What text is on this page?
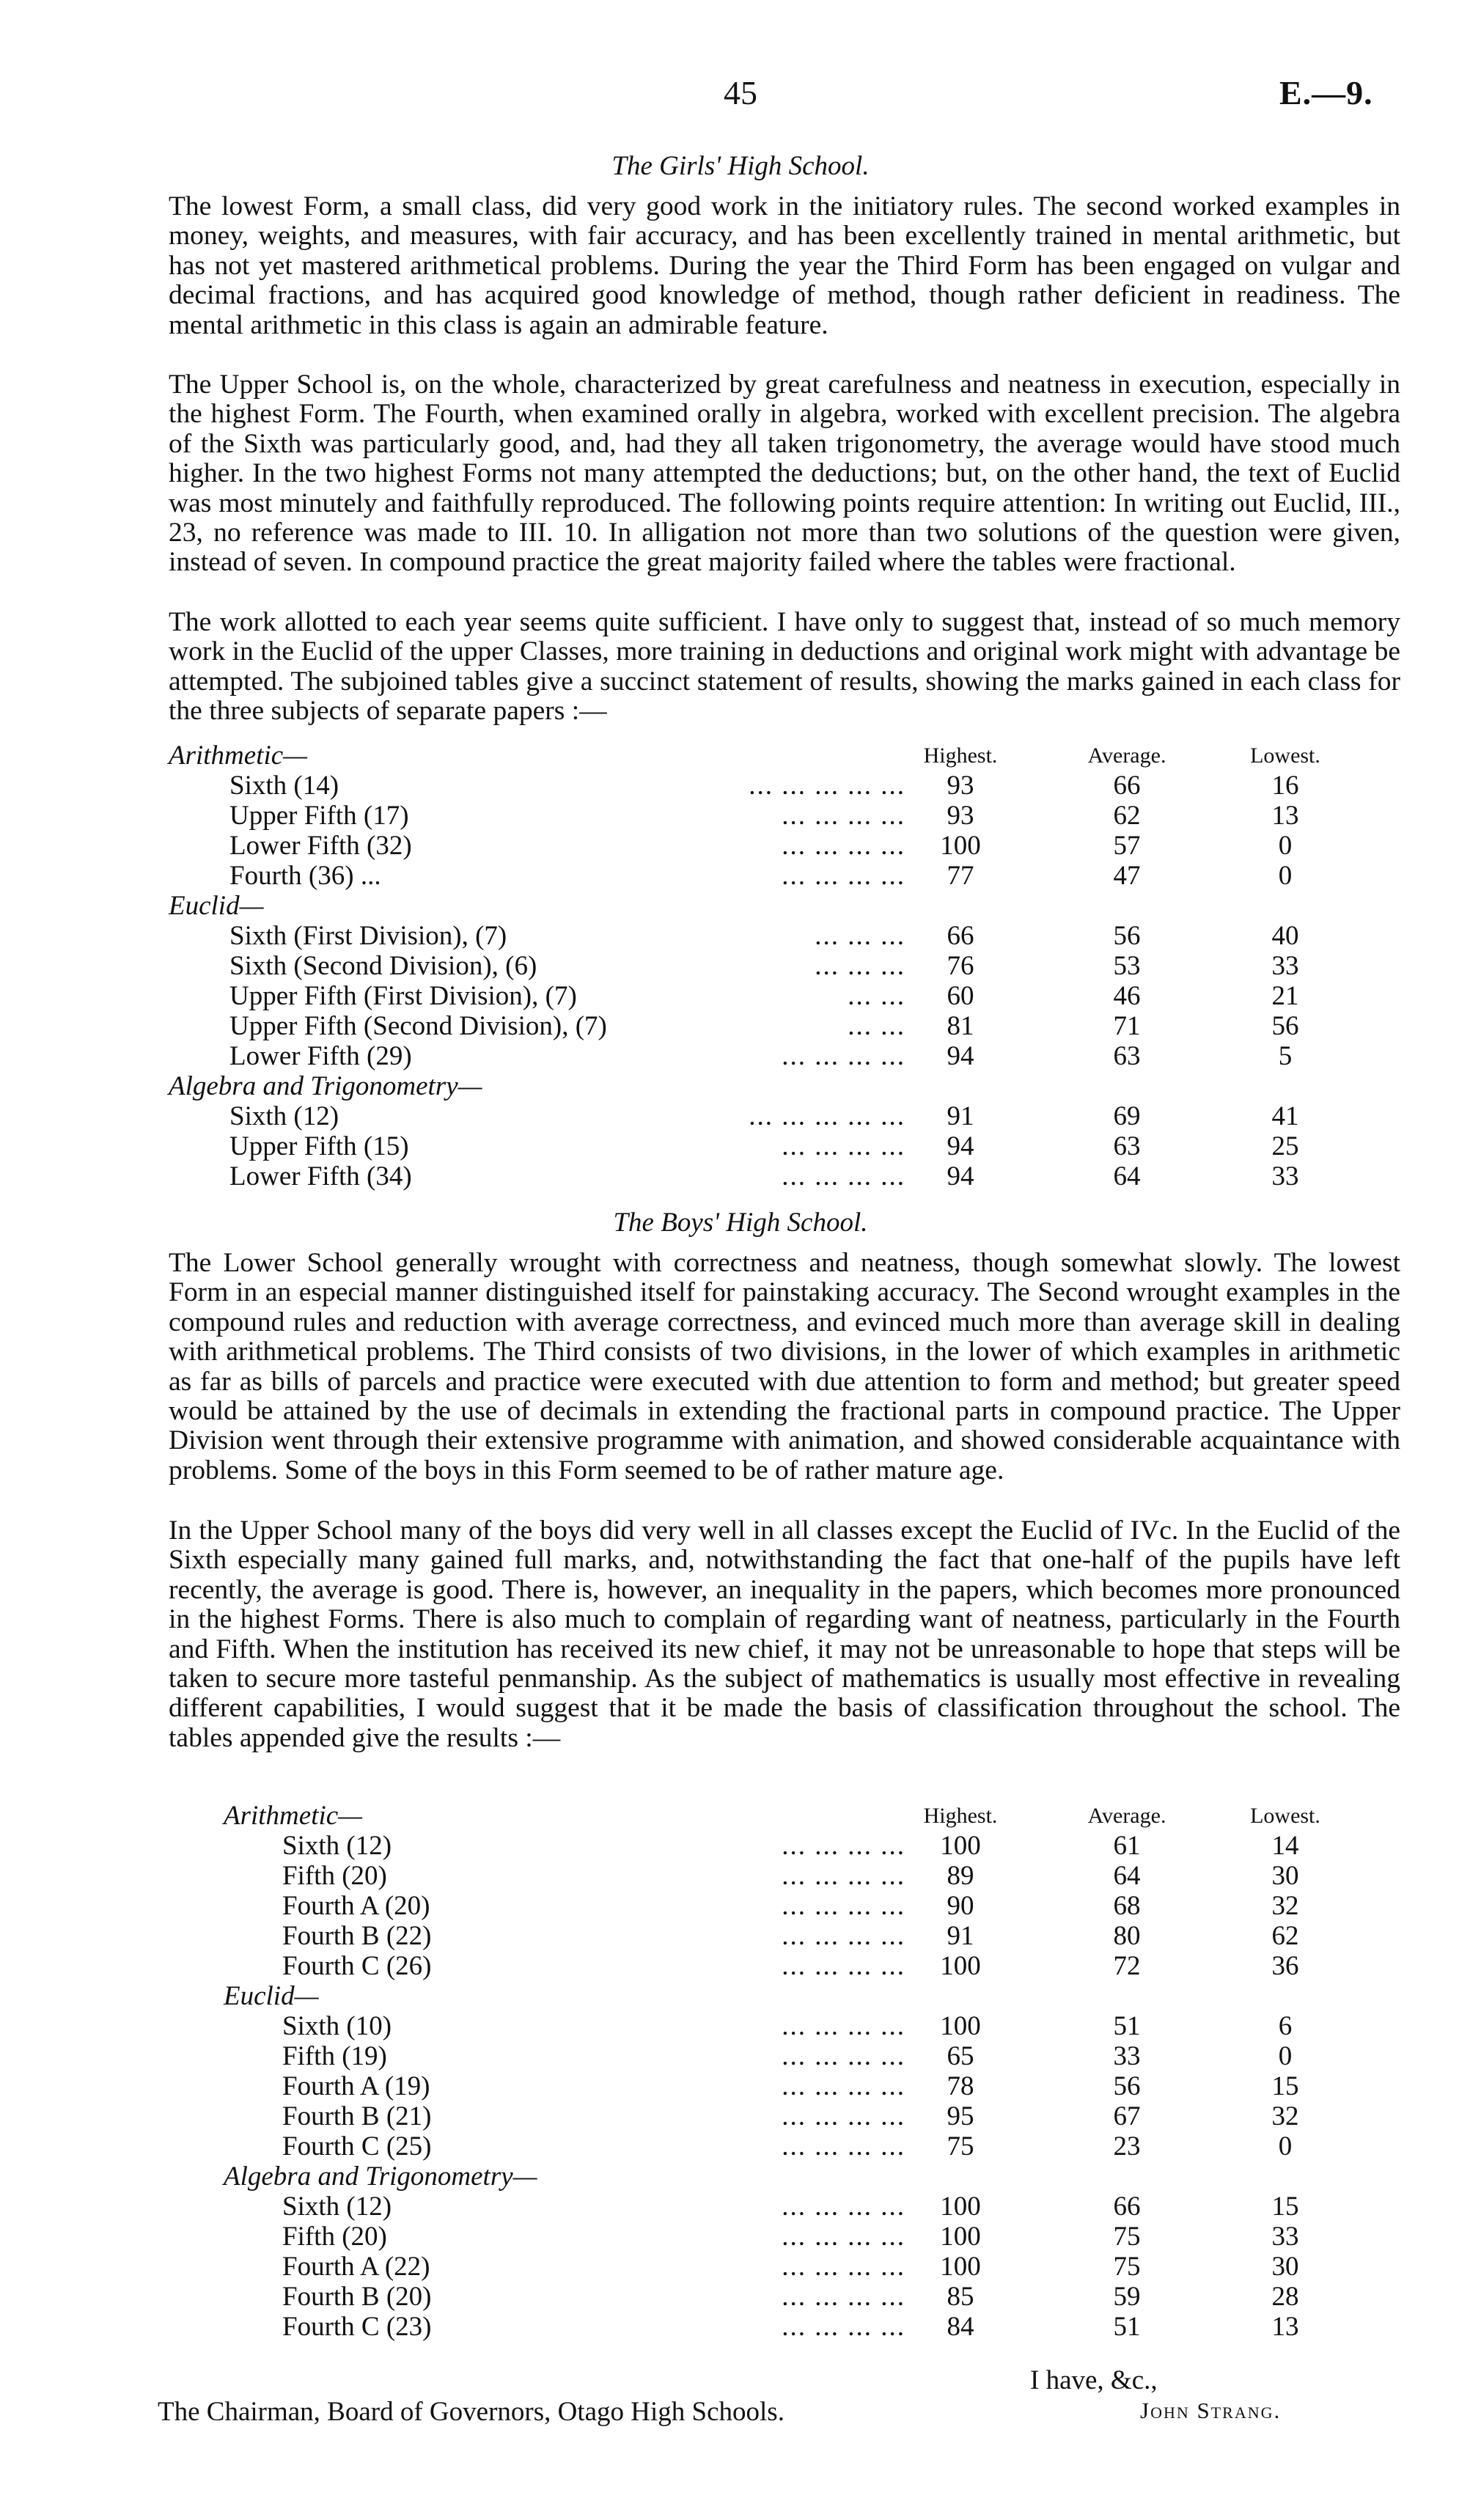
45	E.—9.
The Girls' High School.

The lowest Form, a small class, did very good work in the initiatory rules. The second worked examples in money, weights, and measures, with fair accuracy, and has been excellently trained in mental arithmetic, but has not yet mastered arithmetical problems. During the year the Third Form has been engaged on vulgar and decimal fractions, and has acquired good knowledge of method, though rather deficient in readiness. The mental arithmetic in this class is again an admirable feature.

The Upper School is, on the whole, characterized by great carefulness and neatness in execution, especially in the highest Form. The Fourth, when examined orally in algebra, worked with excellent precision. The algebra of the Sixth was particularly good, and, had they all taken trigonometry, the average would have stood much higher. In the two highest Forms not many attempted the deductions; but, on the other hand, the text of Euclid was most minutely and faithfully reproduced. The following points require attention: In writing out Euclid, III., 23, no reference was made to III. 10. In alligation not more than two solutions of the question were given, instead of seven. In compound practice the great majority failed where the tables were fractional.

The work allotted to each year seems quite sufficient. I have only to suggest that, instead of so much memory work in the Euclid of the upper Classes, more training in deductions and original work might with advantage be attempted. The subjoined tables give a succinct statement of results, showing the marks gained in each class for the three subjects of separate papers :—

Arithmetic—	Highest.	Average.	Lowest.
Sixth (14)	... ... ... ... ...	93	66	16
Upper Fifth (17)	... ... ... ...	93	62	13
Lower Fifth (32)	... ... ... ...	100	57	0
Fourth (36) ...	... ... ... ...	77	47	0
Euclid—
Sixth (First Division), (7)	... ... ...	66	56	40
Sixth (Second Division), (6)	... ... ...	76	53	33
Upper Fifth (First Division), (7)	... ...	60	46	21
Upper Fifth (Second Division), (7)	... ...	81	71	56
Lower Fifth (29)	... ... ... ...	94	63	5
Algebra and Trigonometry—
Sixth (12)	... ... ... ... ...	91	69	41
Upper Fifth (15)	... ... ... ...	94	63	25
Lower Fifth (34)	... ... ... ...	94	64	33
The Boys' High School.

The Lower School generally wrought with correctness and neatness, though somewhat slowly. The lowest Form in an especial manner distinguished itself for painstaking accuracy. The Second wrought examples in the compound rules and reduction with average correctness, and evinced much more than average skill in dealing with arithmetical problems. The Third consists of two divisions, in the lower of which examples in arithmetic as far as bills of parcels and practice were executed with due attention to form and method; but greater speed would be attained by the use of decimals in extending the fractional parts in compound practice. The Upper Division went through their extensive programme with animation, and showed considerable acquaintance with problems. Some of the boys in this Form seemed to be of rather mature age.

In the Upper School many of the boys did very well in all classes except the Euclid of IVc. In the Euclid of the Sixth especially many gained full marks, and, notwithstanding the fact that one-half of the pupils have left recently, the average is good. There is, however, an inequality in the papers, which becomes more pronounced in the highest Forms. There is also much to complain of regarding want of neatness, particularly in the Fourth and Fifth. When the institution has received its new chief, it may not be unreasonable to hope that steps will be taken to secure more tasteful penmanship. As the subject of mathematics is usually most effective in revealing different capabilities, I would suggest that it be made the basis of classification throughout the school. The tables appended give the results :—

Arithmetic—	Highest.	Average.	Lowest.
Sixth (12)	... ... ... ...	100	61	14
Fifth (20)	... ... ... ...	89	64	30
Fourth A (20)	... ... ... ...	90	68	32
Fourth B (22)	... ... ... ...	91	80	62
Fourth C (26)	... ... ... ...	100	72	36
Euclid—
Sixth (10)	... ... ... ...	100	51	6
Fifth (19)	... ... ... ...	65	33	0
Fourth A (19)	... ... ... ...	78	56	15
Fourth B (21)	... ... ... ...	95	67	32
Fourth C (25)	... ... ... ...	75	23	0
Algebra and Trigonometry—
Sixth (12)	... ... ... ...	100	66	15
Fifth (20)	... ... ... ...	100	75	33
Fourth A (22)	... ... ... ...	100	75	30
Fourth B (20)	... ... ... ...	85	59	28
Fourth C (23)	... ... ... ...	84	51	13
I have, &c.,
John Strang.
The Chairman, Board of Governors, Otago High Schools.
